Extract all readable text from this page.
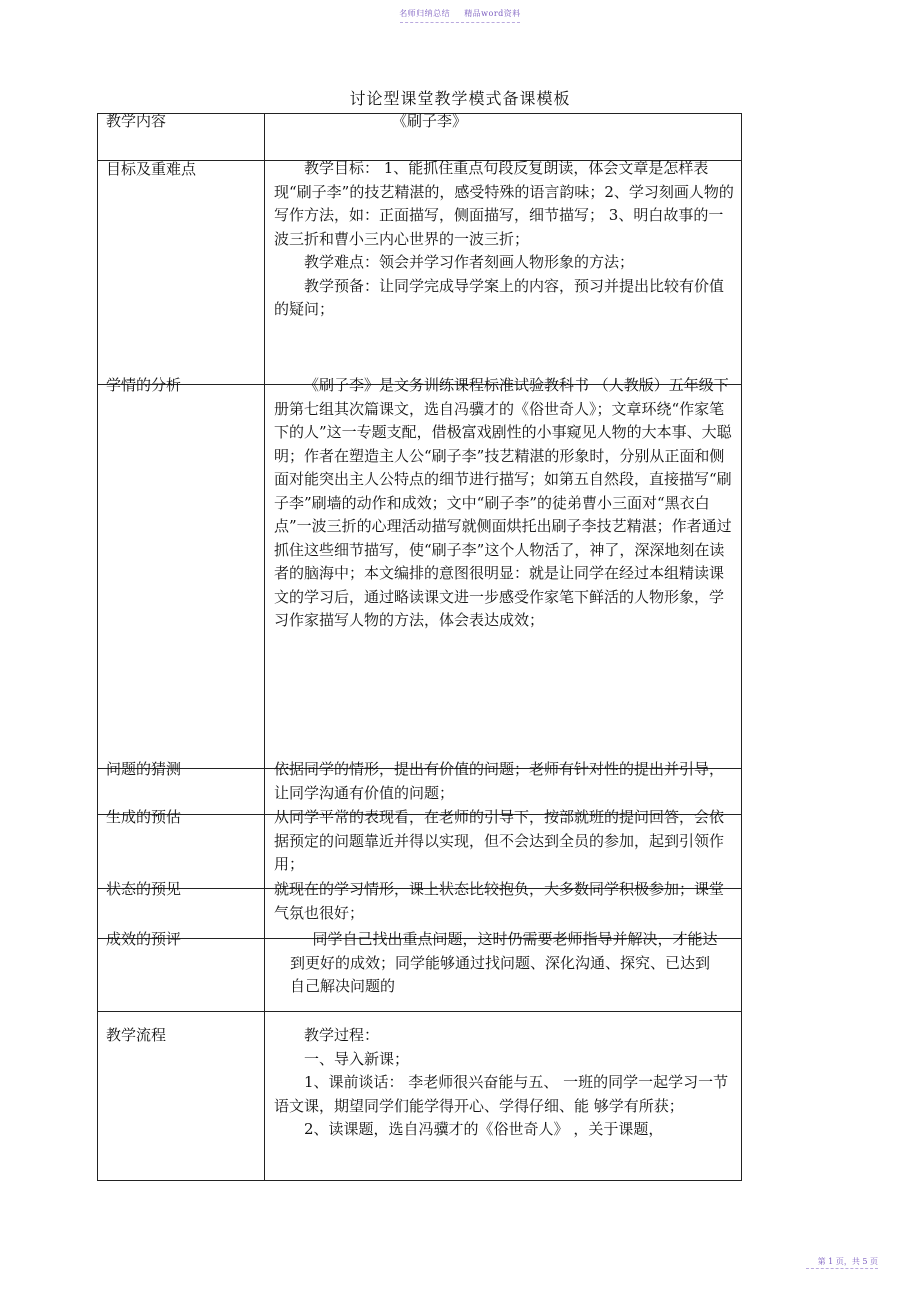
名师归纳总结 精品word资料
讨论型课堂教学模式备课模板
教学内容	《刷子李》
目标及重难点	教学目标： 1、能抓住重点句段反复朗读，体会文章是怎样表现“刷子李”的技艺精湛的，感受特殊的语言韵味；2、学习刻画人物的写作方法，如：正面描写，侧面描写，细节描写； 3、明白故事的一波三折和曹小三内心世界的一波三折；

教学难点：领会并学习作者刻画人物形象的方法；

教学预备：让同学完成导学案上的内容，预习并提出比较有价值的疑问；

学情的分析	《刷子李》是文务训练课程标准试验教科书 （人教版）五年级下册第七组其次篇课文，选自冯骥才的《俗世奇人》；文章环绕“作家笔下的人”这一专题支配，借极富戏剧性的小事窥见人物的大本事、大聪明；作者在塑造主人公“刷子李”技艺精湛的形象时，分别从正面和侧面对能突出主人公特点的细节进行描写；如第五自然段，直接描写“刷子李”刷墙的动作和成效；文中“刷子李”的徒弟曹小三面对“黑衣白点”一波三折的心理活动描写就侧面烘托出刷子李技艺精湛；作者通过抓住这些细节描写，使“刷子李”这个人物活了，神了，深深地刻在读者的脑海中；本文编排的意图很明显：就是让同学在经过本组精读课文的学习后，通过略读课文进一步感受作家笔下鲜活的人物形象，学习作家描写人物的方法，体会表达成效；

问题的猜测	依据同学的情形，提出有价值的问题；老师有针对性的提出并引导，让同学沟通有价值的问题；

生成的预估	从同学平常的表现看，在老师的引导下，按部就班的提问回答，会依据预定的问题靠近并得以实现，但不会达到全员的参加，起到引领作用；

状态的预见	就现在的学习情形，课上状态比较抱负，大多数同学积极参加；课堂气氛也很好；

成效的预评	同学自己找出重点问题，这时仍需要老师指导并解决，才能达到更好的成效；同学能够通过找问题、深化沟通、探究、已达到自己解决问题的

教学流程	教学过程：

一、导入新课；

1、课前谈话： 李老师很兴奋能与五、 一班的同学一起学习一节语文课，期望同学们能学得开心、学得仔细、能 够学有所获；

2、读课题，选自冯骥才的《俗世奇人》 ，关于课题，

第 1 页，共 5 页
